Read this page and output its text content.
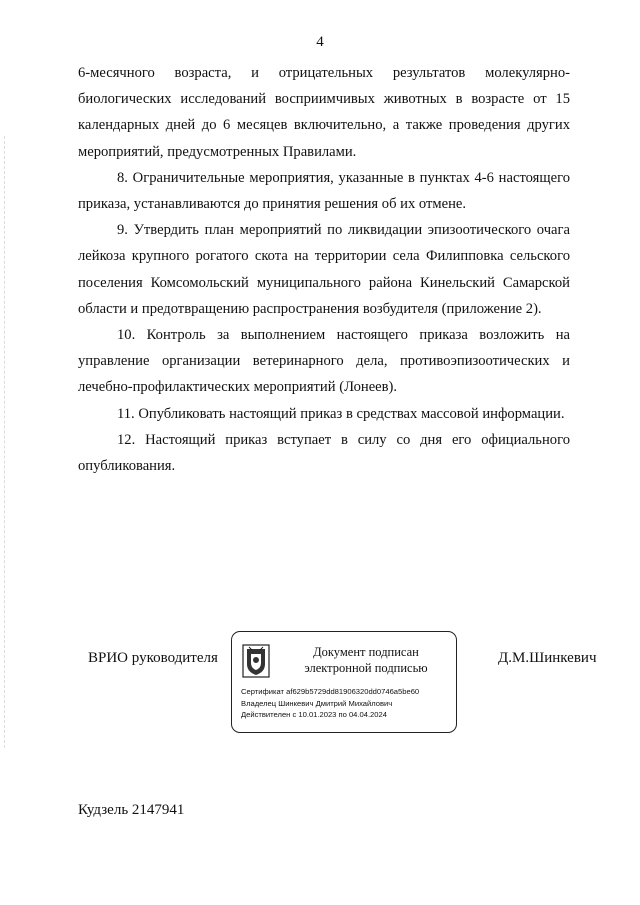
4

6-месячного возраста, и отрицательных результатов молекулярно-биологических исследований восприимчивых животных в возрасте от 15 календарных дней до 6 месяцев включительно, а также проведения других мероприятий, предусмотренных Правилами.

8. Ограничительные мероприятия, указанные в пунктах 4-6 настоящего приказа, устанавливаются до принятия решения об их отмене.

9. Утвердить план мероприятий по ликвидации эпизоотического очага лейкоза крупного рогатого скота на территории села Филипповка сельского поселения Комсомольский муниципального района Кинельский Самарской области и предотвращению распространения возбудителя (приложение 2).

10. Контроль за выполнением настоящего приказа возложить на управление организации ветеринарного дела, противоэпизоотических и лечебно-профилактических мероприятий (Лонеев).

11. Опубликовать настоящий приказ в средствах массовой информации.

12. Настоящий приказ вступает в силу со дня его официального опубликования.

ВРИО руководителя	Документ подписан
электронной подписью
Сертификат af629b5729dd81906320dd0746a5be60
Владелец Шинкевич Дмитрий Михайлович
Действителен с 10.01.2023 по 04.04.2024
Д.М.Шинкевич
Кудзель 2147941
